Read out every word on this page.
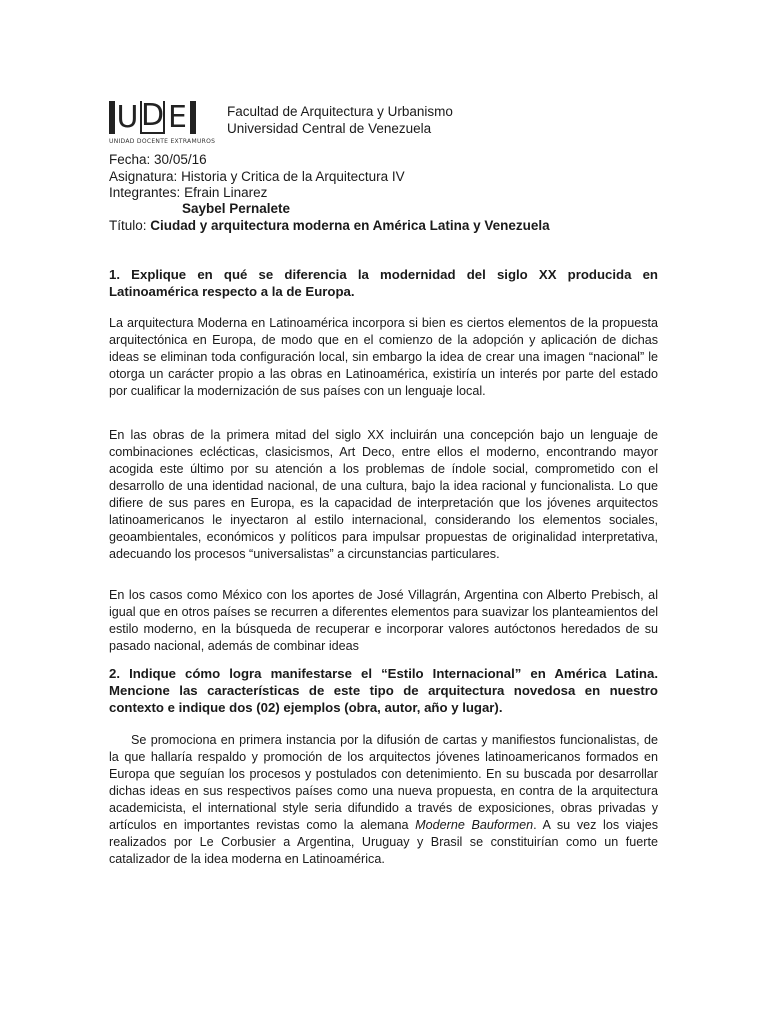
U D E
UNIDAD DOCENTE EXTRAMUROS
Facultad de Arquitectura y Urbanismo
Universidad Central de Venezuela
Fecha: 30/05/16
Asignatura: Historia y Critica de la Arquitectura IV
Integrantes: Efrain Linarez
Saybel Pernalete
Título: Ciudad y arquitectura moderna en América Latina y Venezuela
1. Explique en qué se diferencia la modernidad del siglo XX producida en Latinoamérica respecto a la de Europa.
La arquitectura Moderna en Latinoamérica incorpora si bien es ciertos elementos de la propuesta arquitectónica en Europa, de modo que en el comienzo de la adopción y aplicación de dichas ideas se eliminan toda configuración local, sin embargo la idea de crear una imagen “nacional” le otorga un carácter propio a las obras en Latinoamérica, existiría un interés por parte del estado por cualificar la modernización de sus países con un lenguaje local.
En las obras de la primera mitad del siglo XX incluirán una concepción bajo un lenguaje de combinaciones eclécticas, clasicismos, Art Deco, entre ellos el moderno, encontrando mayor acogida este último por su atención a los problemas de índole social, comprometido con el desarrollo de una identidad nacional, de una cultura, bajo la idea racional y funcionalista. Lo que difiere de sus pares en Europa, es la capacidad de interpretación que los jóvenes arquitectos latinoamericanos le inyectaron al estilo internacional, considerando los elementos sociales, geoambientales, económicos y políticos para impulsar propuestas de originalidad interpretativa, adecuando los procesos “universalistas” a circunstancias particulares.
En los casos como México con los aportes de José Villagrán, Argentina con Alberto Prebisch, al igual que en otros países se recurren a diferentes elementos para suavizar los planteamientos del estilo moderno, en la búsqueda de recuperar e incorporar valores autóctonos heredados de su pasado nacional, además de combinar ideas
2. Indique cómo logra manifestarse el “Estilo Internacional” en América Latina. Mencione las características de este tipo de arquitectura novedosa en nuestro contexto e indique dos (02) ejemplos (obra, autor, año y lugar).
Se promociona en primera instancia por la difusión de cartas y manifiestos funcionalistas, de la que hallaría respaldo y promoción de los arquitectos jóvenes latinoamericanos formados en Europa que seguían los procesos y postulados con detenimiento. En su buscada por desarrollar dichas ideas en sus respectivos países como una nueva propuesta, en contra de la arquitectura academicista, el international style seria difundido a través de exposiciones, obras privadas y artículos en importantes revistas como la alemana Moderne Bauformen. A su vez los viajes realizados por Le Corbusier a Argentina, Uruguay y Brasil se constituirían como un fuerte catalizador de la idea moderna en Latinoamérica.
